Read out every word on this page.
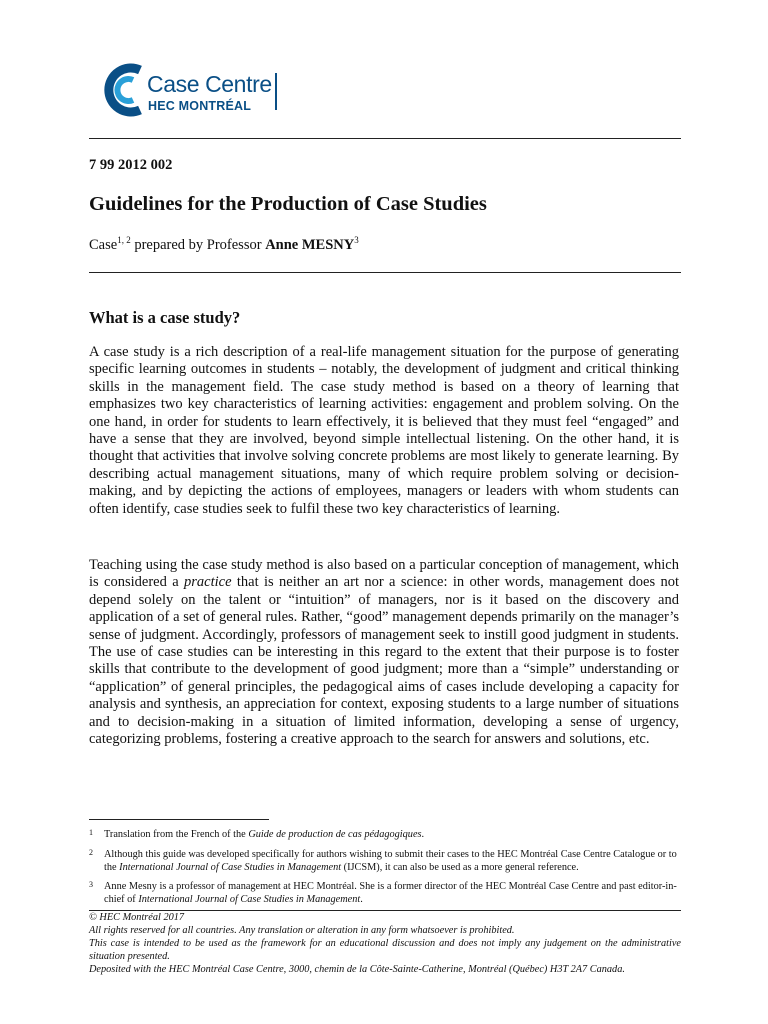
Case Centre
HEC MONTRÉAL
7 99 2012 002
Guidelines for the Production of Case Studies
Case$^{1, 2}$ prepared by Professor Anne MESNY$^3$
What is a case study?

A case study is a rich description of a real-life management situation for the purpose of generating specific learning outcomes in students – notably, the development of judgment and critical thinking skills in the management field. The case study method is based on a theory of learning that emphasizes two key characteristics of learning activities: engagement and problem solving. On the one hand, in order for students to learn effectively, it is believed that they must feel “engaged” and have a sense that they are involved, beyond simple intellectual listening. On the other hand, it is thought that activities that involve solving concrete problems are most likely to generate learning. By describing actual management situations, many of which require problem solving or decision- making, and by depicting the actions of employees, managers or leaders with whom students can often identify, case studies seek to fulfil these two key characteristics of learning.

Teaching using the case study method is also based on a particular conception of management, which is considered a practice that is neither an art nor a science: in other words, management does not depend solely on the talent or “intuition” of managers, nor is it based on the discovery and application of a set of general rules. Rather, “good” management depends primarily on the manager’s sense of judgment. Accordingly, professors of management seek to instill good judgment in students. The use of case studies can be interesting in this regard to the extent that their purpose is to foster skills that contribute to the development of good judgment; more than a “simple” understanding or “application” of general principles, the pedagogical aims of cases include developing a capacity for analysis and synthesis, an appreciation for context, exposing students to a large number of situations and to decision-making in a situation of limited information, developing a sense of urgency, categorizing problems, fostering a creative approach to the search for answers and solutions, etc.

1 Translation from the French of the Guide de production de cas pédagogiques.
2 Although this guide was developed specifically for authors wishing to submit their cases to the HEC Montréal Case Centre Catalogue or to the International Journal of Case Studies in Management (IJCSM), it can also be used as a more general reference.
3 Anne Mesny is a professor of management at HEC Montréal. She is a former director of the HEC Montréal Case Centre and past editor-in-chief of International Journal of Case Studies in Management.
© HEC Montréal 2017
All rights reserved for all countries. Any translation or alteration in any form whatsoever is prohibited.
This case is intended to be used as the framework for an educational discussion and does not imply any judgement on the administrative situation presented.
Deposited with the HEC Montréal Case Centre, 3000, chemin de la Côte-Sainte-Catherine, Montréal (Québec) H3T 2A7 Canada.
